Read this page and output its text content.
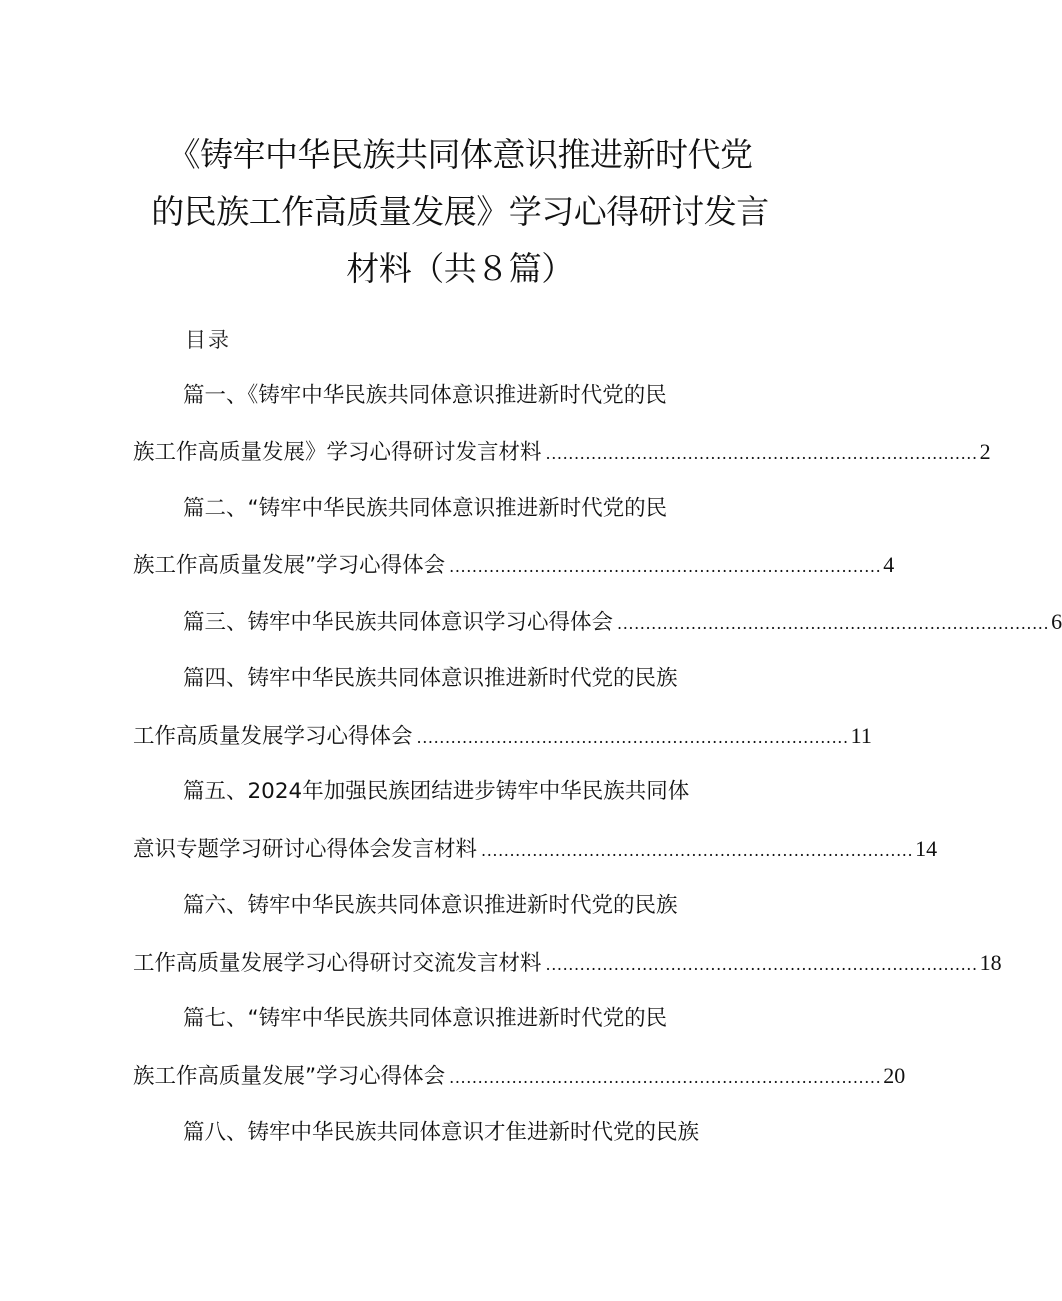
《铸牢中华民族共同体意识推进新时代党
的民族工作高质量发展》学习心得研讨发言
材料（共８篇）
目录
篇一、《铸牢中华民族共同体意识推进新时代党的民
族工作高质量发展》学习心得研讨发言材料 ............................................................................ 2
篇二、“铸牢中华民族共同体意识推进新时代党的民
族工作高质量发展”学习心得体会 ............................................................................ 4
篇三、铸牢中华民族共同体意识学习心得体会 ............................................................................ 6
篇四、铸牢中华民族共同体意识推进新时代党的民族
工作高质量发展学习心得体会 ............................................................................ 11
篇五、2024年加强民族团结进步铸牢中华民族共同体
意识专题学习研讨心得体会发言材料 ............................................................................ 14
篇六、铸牢中华民族共同体意识推进新时代党的民族
工作高质量发展学习心得研讨交流发言材料 ............................................................................ 18
篇七、“铸牢中华民族共同体意识推进新时代党的民
族工作高质量发展”学习心得体会 ............................................................................ 20
篇八、铸牢中华民族共同体意识才隹进新时代党的民族
